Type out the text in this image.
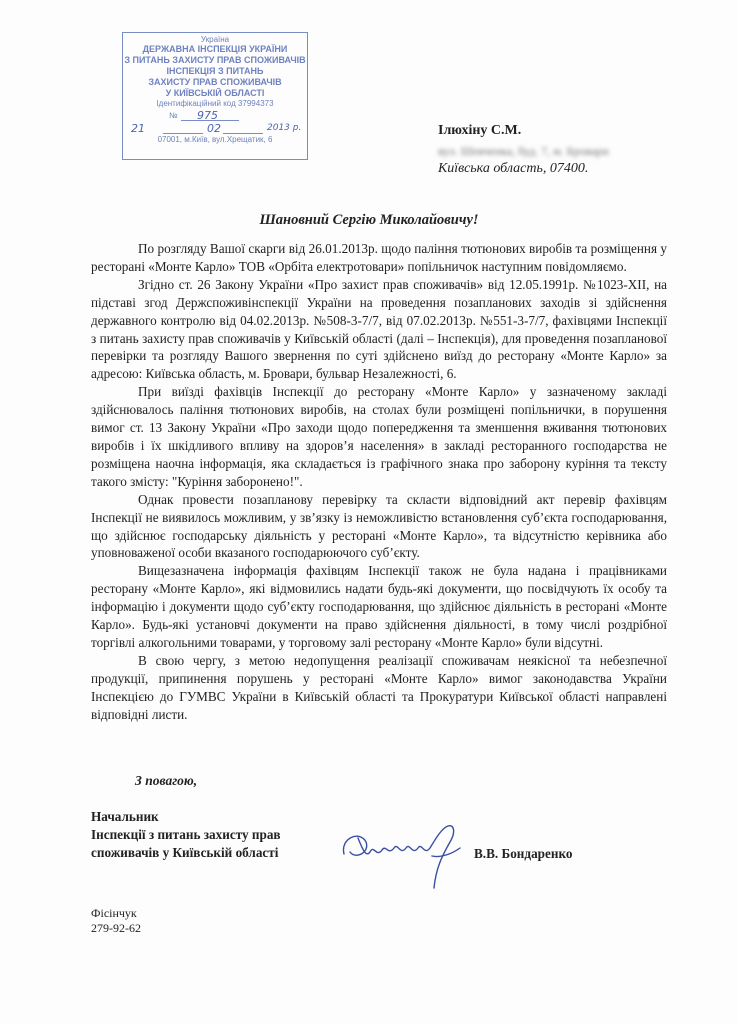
Україна
ДЕРЖАВНА ІНСПЕКЦІЯ УКРАЇНИ
З ПИТАНЬ ЗАХИСТУ ПРАВ СПОЖИВАЧІВ
ІНСПЕКЦІЯ З ПИТАНЬ
ЗАХИСТУ ПРАВ СПОЖИВАЧІВ
У КИЇВСЬКІЙ ОБЛАСТІ
Ідентифікаційний код 37994373
№ 975
21	02	2013 р.
07001, м.Київ, вул.Хрещатик, 6
Ілюхіну С.М.
вул. Шевченка, буд. 7, м. Бровари
Київська область, 07400.
Шановний Сергію Миколайовичу!

По розгляду Вашої скарги від 26.01.2013р. щодо паління тютюнових виробів та розміщення у ресторані «Монте Карло» ТОВ «Орбіта електротовари» попільничок наступним повідомляємо.

Згідно ст. 26 Закону України «Про захист прав споживачів» від 12.05.1991р. №1023-ХІІ, на підставі згод Держспоживінспекції України на проведення позапланових заходів зі здійснення державного контролю від 04.02.2013р. №508-3-7/7, від 07.02.2013р. №551-3-7/7, фахівцями Інспекції з питань захисту прав споживачів у Київській області (далі – Інспекція), для проведення позапланової перевірки та розгляду Вашого звернення по суті здійснено виїзд до ресторану «Монте Карло» за адресою: Київська область, м. Бровари, бульвар Незалежності, 6.

При виїзді фахівців Інспекції до ресторану «Монте Карло» у зазначеному закладі здійснювалось паління тютюнових виробів, на столах були розміщені попільнички, в порушення вимог ст. 13 Закону України «Про заходи щодо попередження та зменшення вживання тютюнових виробів і їх шкідливого впливу на здоров’я населення» в закладі ресторанного господарства не розміщена наочна інформація, яка складається із графічного знака про заборону куріння та тексту такого змісту: "Куріння заборонено!".

Однак провести позапланову перевірку та скласти відповідний акт перевір фахівцям Інспекції не виявилось можливим, у зв’язку із неможливістю встановлення суб’єкта господарювання, що здійснює господарську діяльність у ресторані «Монте Карло», та відсутністю керівника або уповноваженої особи вказаного господарюючого суб’єкту.

Вищезазначена інформація фахівцям Інспекції також не була надана і працівниками ресторану «Монте Карло», які відмовились надати будь-які документи, що посвідчують їх особу та інформацію і документи щодо суб’єкту господарювання, що здійснює діяльність в ресторані «Монте Карло». Будь-які установчі документи на право здійснення діяльності, в тому числі роздрібної торгівлі алкогольними товарами, у торговому залі ресторану «Монте Карло» були відсутні.

В свою чергу, з метою недопущення реалізації споживачам неякісної та небезпечної продукції, припинення порушень у ресторані «Монте Карло» вимог законодавства України Інспекцією до ГУМВС України в Київській області та Прокуратури Київської області направлені відповідні листи.

З повагою,
Начальник
Інспекції з питань захисту прав
споживачів у Київській області	В.В. Бондаренко
Фісінчук
279-92-62
